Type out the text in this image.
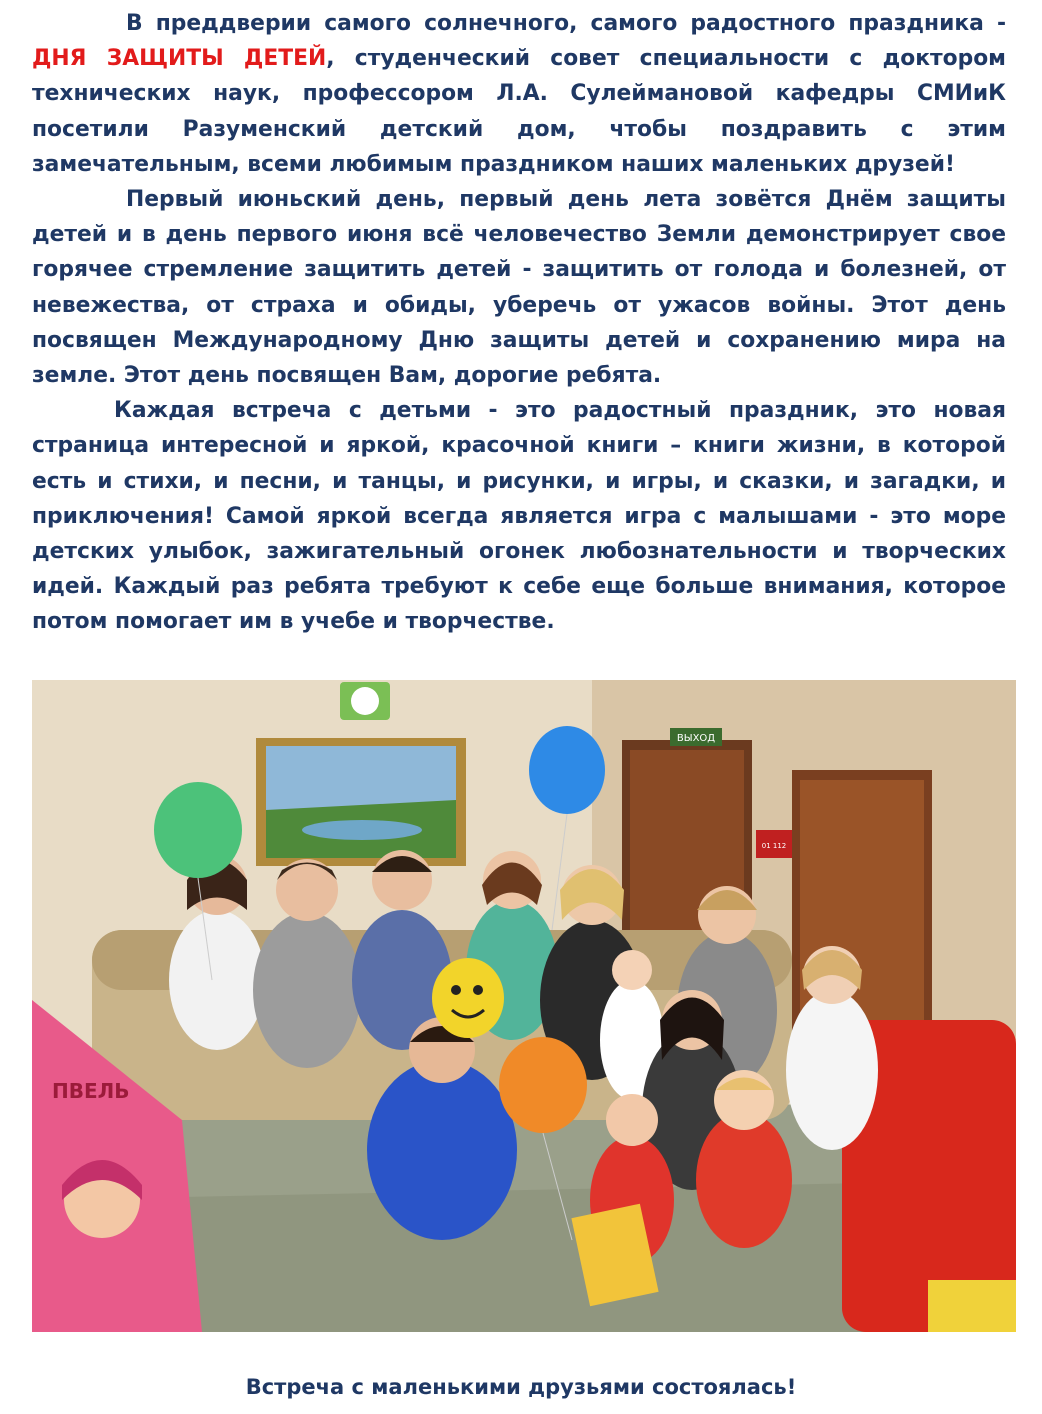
В преддверии самого солнечного, самого радостного праздника - ДНЯ ЗАЩИТЫ ДЕТЕЙ, студенческий совет специальности с доктором технических наук, профессором Л.А. Сулеймановой кафедры СМИиК посетили Разуменский детский дом, чтобы поздравить с этим замечательным, всеми любимым праздником наших маленьких друзей!

Первый июньский день, первый день лета зовётся Днём защиты детей и в день первого июня всё человечество Земли демонстрирует свое горячее стремление защитить детей - защитить от голода и болезней, от невежества, от страха и обиды, уберечь от ужасов войны. Этот день посвящен Международному Дню защиты детей и сохранению мира на земле. Этот день посвящен Вам, дорогие ребята.

Каждая встреча с детьми - это радостный праздник, это новая страница интересной и яркой, красочной книги – книги жизни, в которой есть и стихи, и песни, и танцы, и рисунки, и игры, и сказки, и загадки, и приключения! Самой яркой всегда является игра с малышами - это море детских улыбок, зажигательный огонек любознательности и творческих идей. Каждый раз ребята требуют к себе еще больше внимания, которое потом помогает им в учебе и творчестве.

ВЫХОД
01 112
ПВЕЛЬ
Встреча с маленькими друзьями состоялась!
